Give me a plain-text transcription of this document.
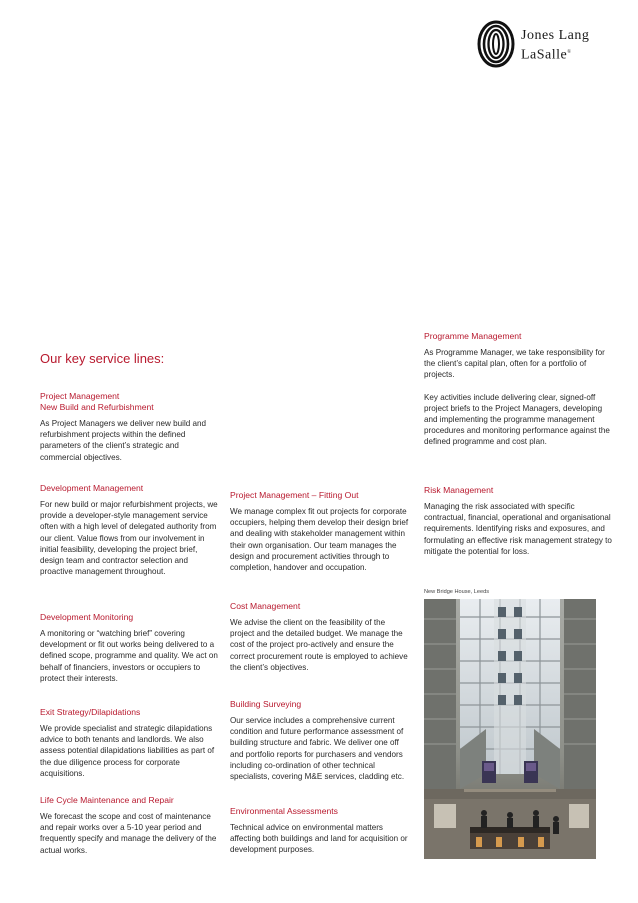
Jones Lang
LaSalle®
Our key service lines:
Project Management
New Build and Refurbishment

As Project Managers we deliver new build and refurbishment projects within the defined parameters of the client’s strategic and commercial objectives.

Development Management

For new build or major refurbishment projects, we provide a developer-style management service often with a high level of delegated authority from our client. Value flows from our involvement in initial feasibility, developing the project brief, design team and contractor selection and proactive management throughout.

Development Monitoring

A monitoring or “watching brief” covering development or fit out works being delivered to a defined scope, programme and quality. We act on behalf of financiers, investors or occupiers to protect their interests.

Exit Strategy/Dilapidations

We provide specialist and strategic dilapidations advice to both tenants and landlords. We also assess potential dilapidations liabilities as part of the due diligence process for corporate acquisitions.

Life Cycle Maintenance and Repair

We forecast the scope and cost of maintenance and repair works over a 5-10 year period and frequently specify and manage the delivery of the actual works.

Project Management – Fitting Out

We manage complex fit out projects for corporate occupiers, helping them develop their design brief and dealing with stakeholder management within their own organisation. Our team manages the design and procurement activities through to completion, handover and occupation.

Cost Management

We advise the client on the feasibility of the project and the detailed budget. We manage the cost of the project pro-actively and ensure the correct procurement route is employed to achieve the client’s objectives.

Building Surveying

Our service includes a comprehensive current condition and future performance assessment of building structure and fabric. We deliver one off and portfolio reports for purchasers and vendors including co-ordination of other technical specialists, covering M&E services, cladding etc.

Environmental Assessments

Technical advice on environmental matters affecting both buildings and land for acquisition or development purposes.

Programme Management

As Programme Manager, we take responsibility for the client’s capital plan, often for a portfolio of projects.

Key activities include delivering clear, signed-off project briefs to the Project Managers, developing and implementing the programme management procedures and monitoring performance against the defined programme and cost plan.

Risk Management

Managing the risk associated with specific contractual, financial, operational and organisational requirements. Identifying risks and exposures, and formulating an effective risk management strategy to mitigate the potential for loss.

New Bridge House, Leeds
